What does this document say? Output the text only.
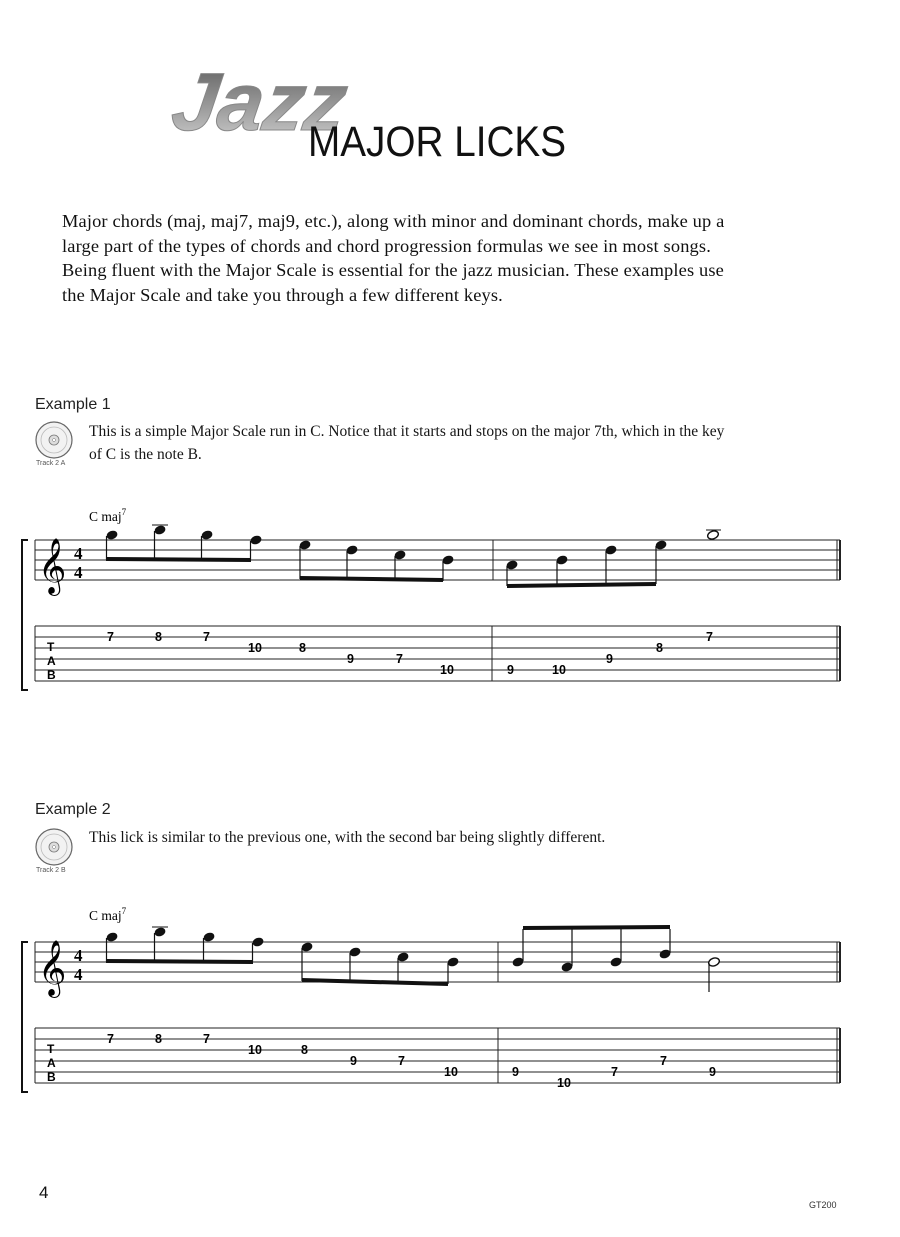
Jazz
MAJOR LICKS

Major chords (maj, maj7, maj9, etc.), along with minor and dominant chords, make up a

large part of the types of chords and chord progression formulas we see in most songs.

Being fluent with the Major Scale is essential for the jazz musician. These examples use

the Major Scale and take you through a few different keys.

Example 1
Track 2 A

This is a simple Major Scale run in C. Notice that it starts and stops on the major 7th, which in the key

of C is the note B.

C maj$^7$
𝄞 4
4
T
A
B
7	8	7
10	8
9	7
10	9	10
9
8
7
Example 2
Track 2 B

This lick is similar to the previous one, with the second bar being slightly different.

C maj$^7$
𝄞 4
4
T
A
B
7	8	7
10	8
9	7
10	9
10
7
7
9
4
GT200
